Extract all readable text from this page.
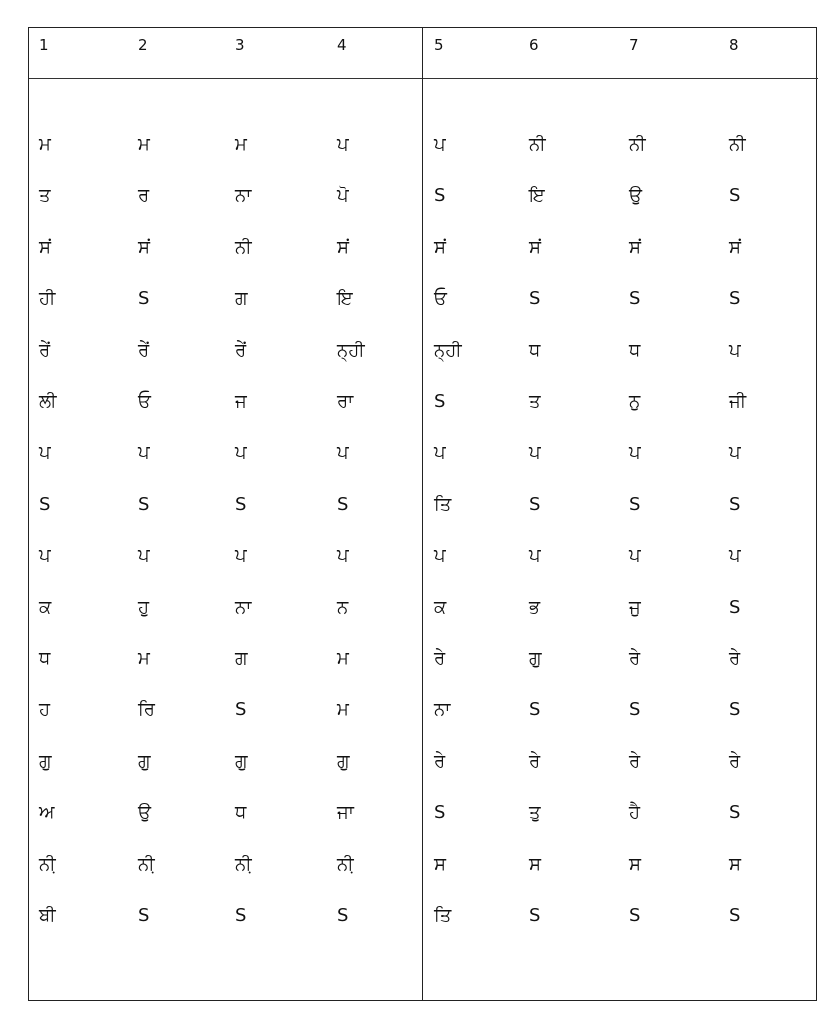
1	2	3	4	5	6	7	8
ਮ	ਮ	ਮ	ਪ	ਪ	ਨੀ	ਨੀ	ਨੀ
ਤ	ਰ	ਨਾ	ਪੋ	S	ਇ	ਉ	S
ਸਂ	ਸਂ	ਨੀ	ਸਂ	ਸਂ	ਸਂ	ਸਂ	ਸਂ
ਹੀ	S	ਗ	ਇ	ਓ	S	S	S
ਰੇਂ	ਰੇਂ	ਰੇਂ	ਨ੍ਹੀ	ਨ੍ਹੀ	ਧ	ਧ	ਪ
ਲੀ	ਓ	ਜ	ਰਾ	S	ਤ	ਨੁ	ਜੀ
ਪ	ਪ	ਪ	ਪ	ਪ	ਪ	ਪ	ਪ
S	S	S	S	ਤਿ	S	S	S
ਪ	ਪ	ਪ	ਪ	ਪ	ਪ	ਪ	ਪ
ਕ	ਹੁ	ਨਾ	ਨ	ਕ	ਭ	ਜੁ	S
ਧ	ਮ	ਗ	ਮ	ਰੇ	ਗੁ	ਰੇ	ਰੇ
ਹ	ਰਿ	S	ਮ	ਨਾ	S	S	S
ਗੁ	ਗੁ	ਗੁ	ਗੁ	ਰੇ	ਰੇ	ਰੇ	ਰੇ
ਅ	ਉ	ਧ	ਜਾ	S	ਤੁ	ਹੈ	S
ਨੀ਼	ਨੀ਼	ਨੀ਼	ਨੀ਼	ਸ	ਸ	ਸ	ਸ
ਬੀ	S	S	S	ਤਿ	S	S	S
